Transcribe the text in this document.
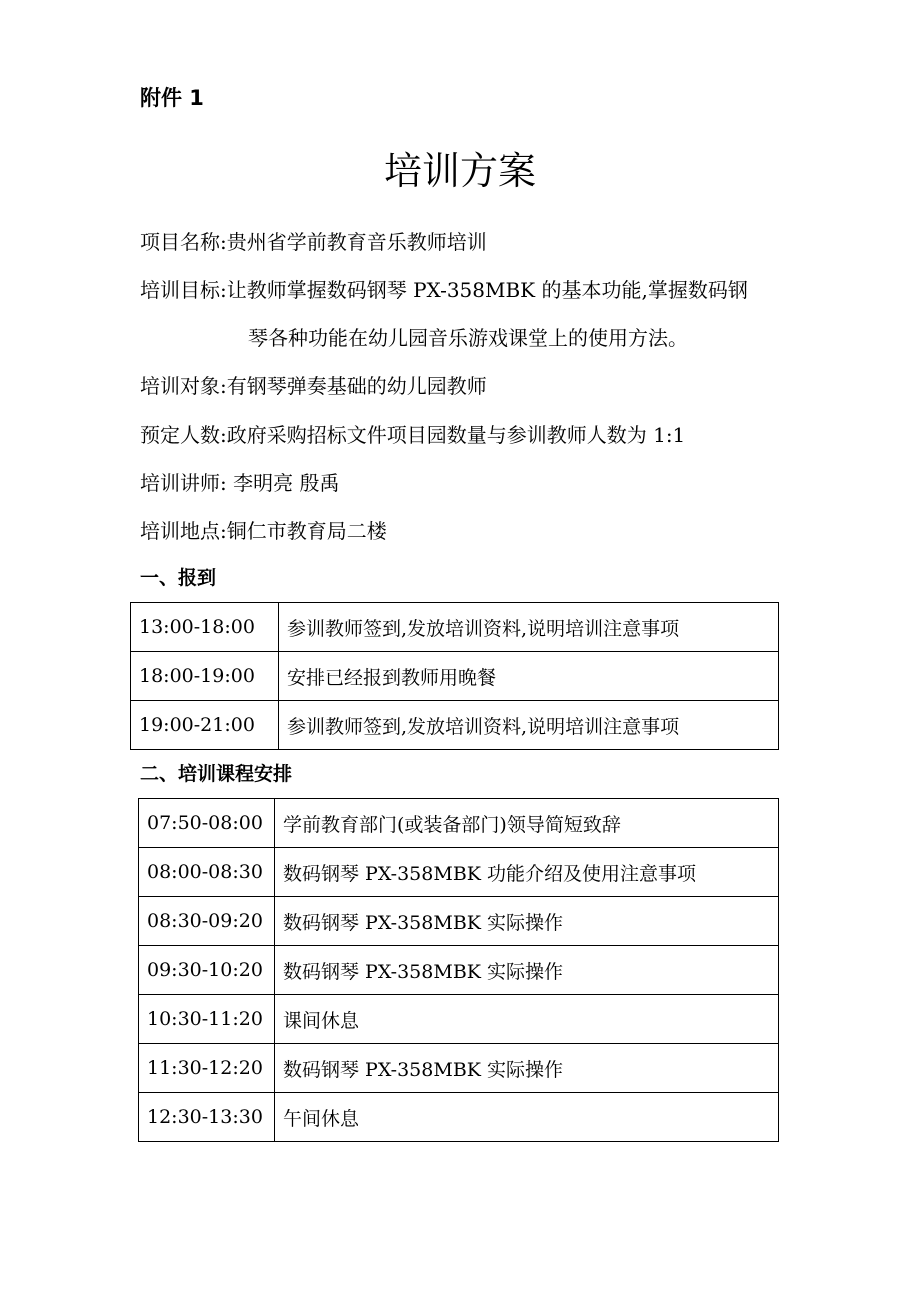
附件 1
培训方案
项目名称:贵州省学前教育音乐教师培训
培训目标:让教师掌握数码钢琴 PX-358MBK 的基本功能,掌握数码钢
琴各种功能在幼儿园音乐游戏课堂上的使用方法。
培训对象:有钢琴弹奏基础的幼儿园教师
预定人数:政府采购招标文件项目园数量与参训教师人数为 1:1
培训讲师: 李明亮 殷禹
培训地点:铜仁市教育局二楼
一、报到
13:00-18:00	参训教师签到,发放培训资料,说明培训注意事项
18:00-19:00	安排已经报到教师用晚餐
19:00-21:00	参训教师签到,发放培训资料,说明培训注意事项
二、培训课程安排
07:50-08:00	学前教育部门(或装备部门)领导简短致辞
08:00-08:30	数码钢琴 PX-358MBK 功能介绍及使用注意事项
08:30-09:20	数码钢琴 PX-358MBK 实际操作
09:30-10:20	数码钢琴 PX-358MBK 实际操作
10:30-11:20	课间休息
11:30-12:20	数码钢琴 PX-358MBK 实际操作
12:30-13:30	午间休息
